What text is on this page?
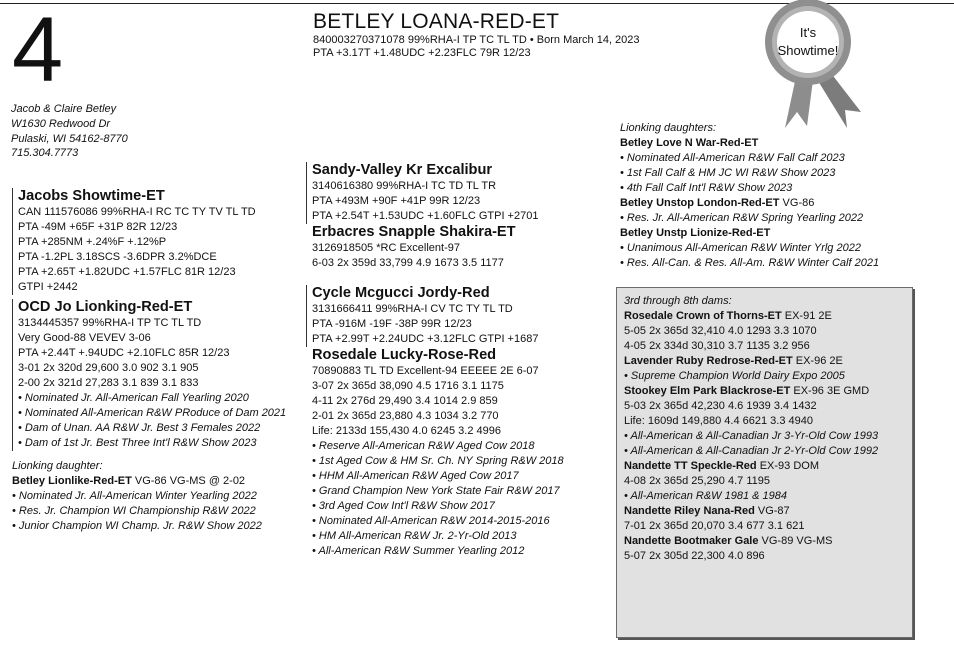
4
Jacob & Claire Betley
W1630 Redwood Dr
Pulaski, WI 54162-8770
715.304.7773
BETLEY LOANA-RED-ET
840003270371078 99%RHA-I TP TC TL TD • Born March 14, 2023
PTA +3.17T +1.48UDC +2.23FLC 79R 12/23
It's
Showtime!
Jacobs Showtime-ET
CAN 111576086 99%RHA-I RC TC TY TV TL TD
PTA -49M +65F +31P 82R 12/23
PTA +285NM +.24%F +.12%P
PTA -1.2PL 3.18SCS -3.6DPR 3.2%DCE
PTA +2.65T +1.82UDC +1.57FLC 81R 12/23
GTPI +2442
OCD Jo Lionking-Red-ET
3134445357 99%RHA-I TP TC TL TD
Very Good-88 VEVEV 3-06
PTA +2.44T +.94UDC +2.10FLC 85R 12/23
3-01 2x 320d 29,600 3.0 902 3.1 905
2-00 2x 321d 27,283 3.1 839 3.1 833
• Nominated Jr. All-American Fall Yearling 2020
• Nominated All-American R&W PRoduce of Dam 2021
• Dam of Unan. AA R&W Jr. Best 3 Females 2022
• Dam of 1st Jr. Best Three Int'l R&W Show 2023
Lionking daughter:
Betley Lionlike-Red-ET VG-86 VG-MS @ 2-02
• Nominated Jr. All-American Winter Yearling 2022
• Res. Jr. Champion WI Championship R&W 2022
• Junior Champion WI Champ. Jr. R&W Show 2022
Sandy-Valley Kr Excalibur
3140616380 99%RHA-I TC TD TL TR
PTA +493M +90F +41P 99R 12/23
PTA +2.54T +1.53UDC +1.60FLC GTPI +2701
Erbacres Snapple Shakira-ET
3126918505 *RC Excellent-97
6-03 2x 359d 33,799 4.9 1673 3.5 1177
Cycle Mcgucci Jordy-Red
3131666411 99%RHA-I CV TC TY TL TD
PTA -916M -19F -38P 99R 12/23
PTA +2.99T +2.24UDC +3.12FLC GTPI +1687
Rosedale Lucky-Rose-Red
70890883 TL TD Excellent-94 EEEEE 2E 6-07
3-07 2x 365d 38,090 4.5 1716 3.1 1175
4-11 2x 276d 29,490 3.4 1014 2.9 859
2-01 2x 365d 23,880 4.3 1034 3.2 770
Life: 2133d 155,430 4.0 6245 3.2 4996
• Reserve All-American R&W Aged Cow 2018
• 1st Aged Cow & HM Sr. Ch. NY Spring R&W 2018
• HHM All-American R&W Aged Cow 2017
• Grand Champion New York State Fair R&W 2017
• 3rd Aged Cow Int'l R&W Show 2017
• Nominated All-American R&W 2014-2015-2016
• HM All-American R&W Jr. 2-Yr-Old 2013
• All-American R&W Summer Yearling 2012
Lionking daughters:
Betley Love N War-Red-ET
• Nominated All-American R&W Fall Calf 2023
• 1st Fall Calf & HM JC WI R&W Show 2023
• 4th Fall Calf Int'l R&W Show 2023
Betley Unstop London-Red-ET VG-86
• Res. Jr. All-American R&W Spring Yearling 2022
Betley Unstp Lionize-Red-ET
• Unanimous All-American R&W Winter Yrlg 2022
• Res. All-Can. & Res. All-Am. R&W Winter Calf 2021
3rd through 8th dams:
Rosedale Crown of Thorns-ET EX-91 2E
5-05 2x 365d 32,410 4.0 1293 3.3 1070
4-05 2x 334d 30,310 3.7 1135 3.2 956
Lavender Ruby Redrose-Red-ET EX-96 2E
• Supreme Champion World Dairy Expo 2005
Stookey Elm Park Blackrose-ET EX-96 3E GMD
5-03 2x 365d 42,230 4.6 1939 3.4 1432
Life: 1609d 149,880 4.4 6621 3.3 4940
• All-American & All-Canadian Jr 3-Yr-Old Cow 1993
• All-American & All-Canadian Jr 2-Yr-Old Cow 1992
Nandette TT Speckle-Red EX-93 DOM
4-08 2x 365d 25,290 4.7 1195
• All-American R&W 1981 & 1984
Nandette Riley Nana-Red VG-87
7-01 2x 365d 20,070 3.4 677 3.1 621
Nandette Bootmaker Gale VG-89 VG-MS
5-07 2x 305d 22,300 4.0 896
